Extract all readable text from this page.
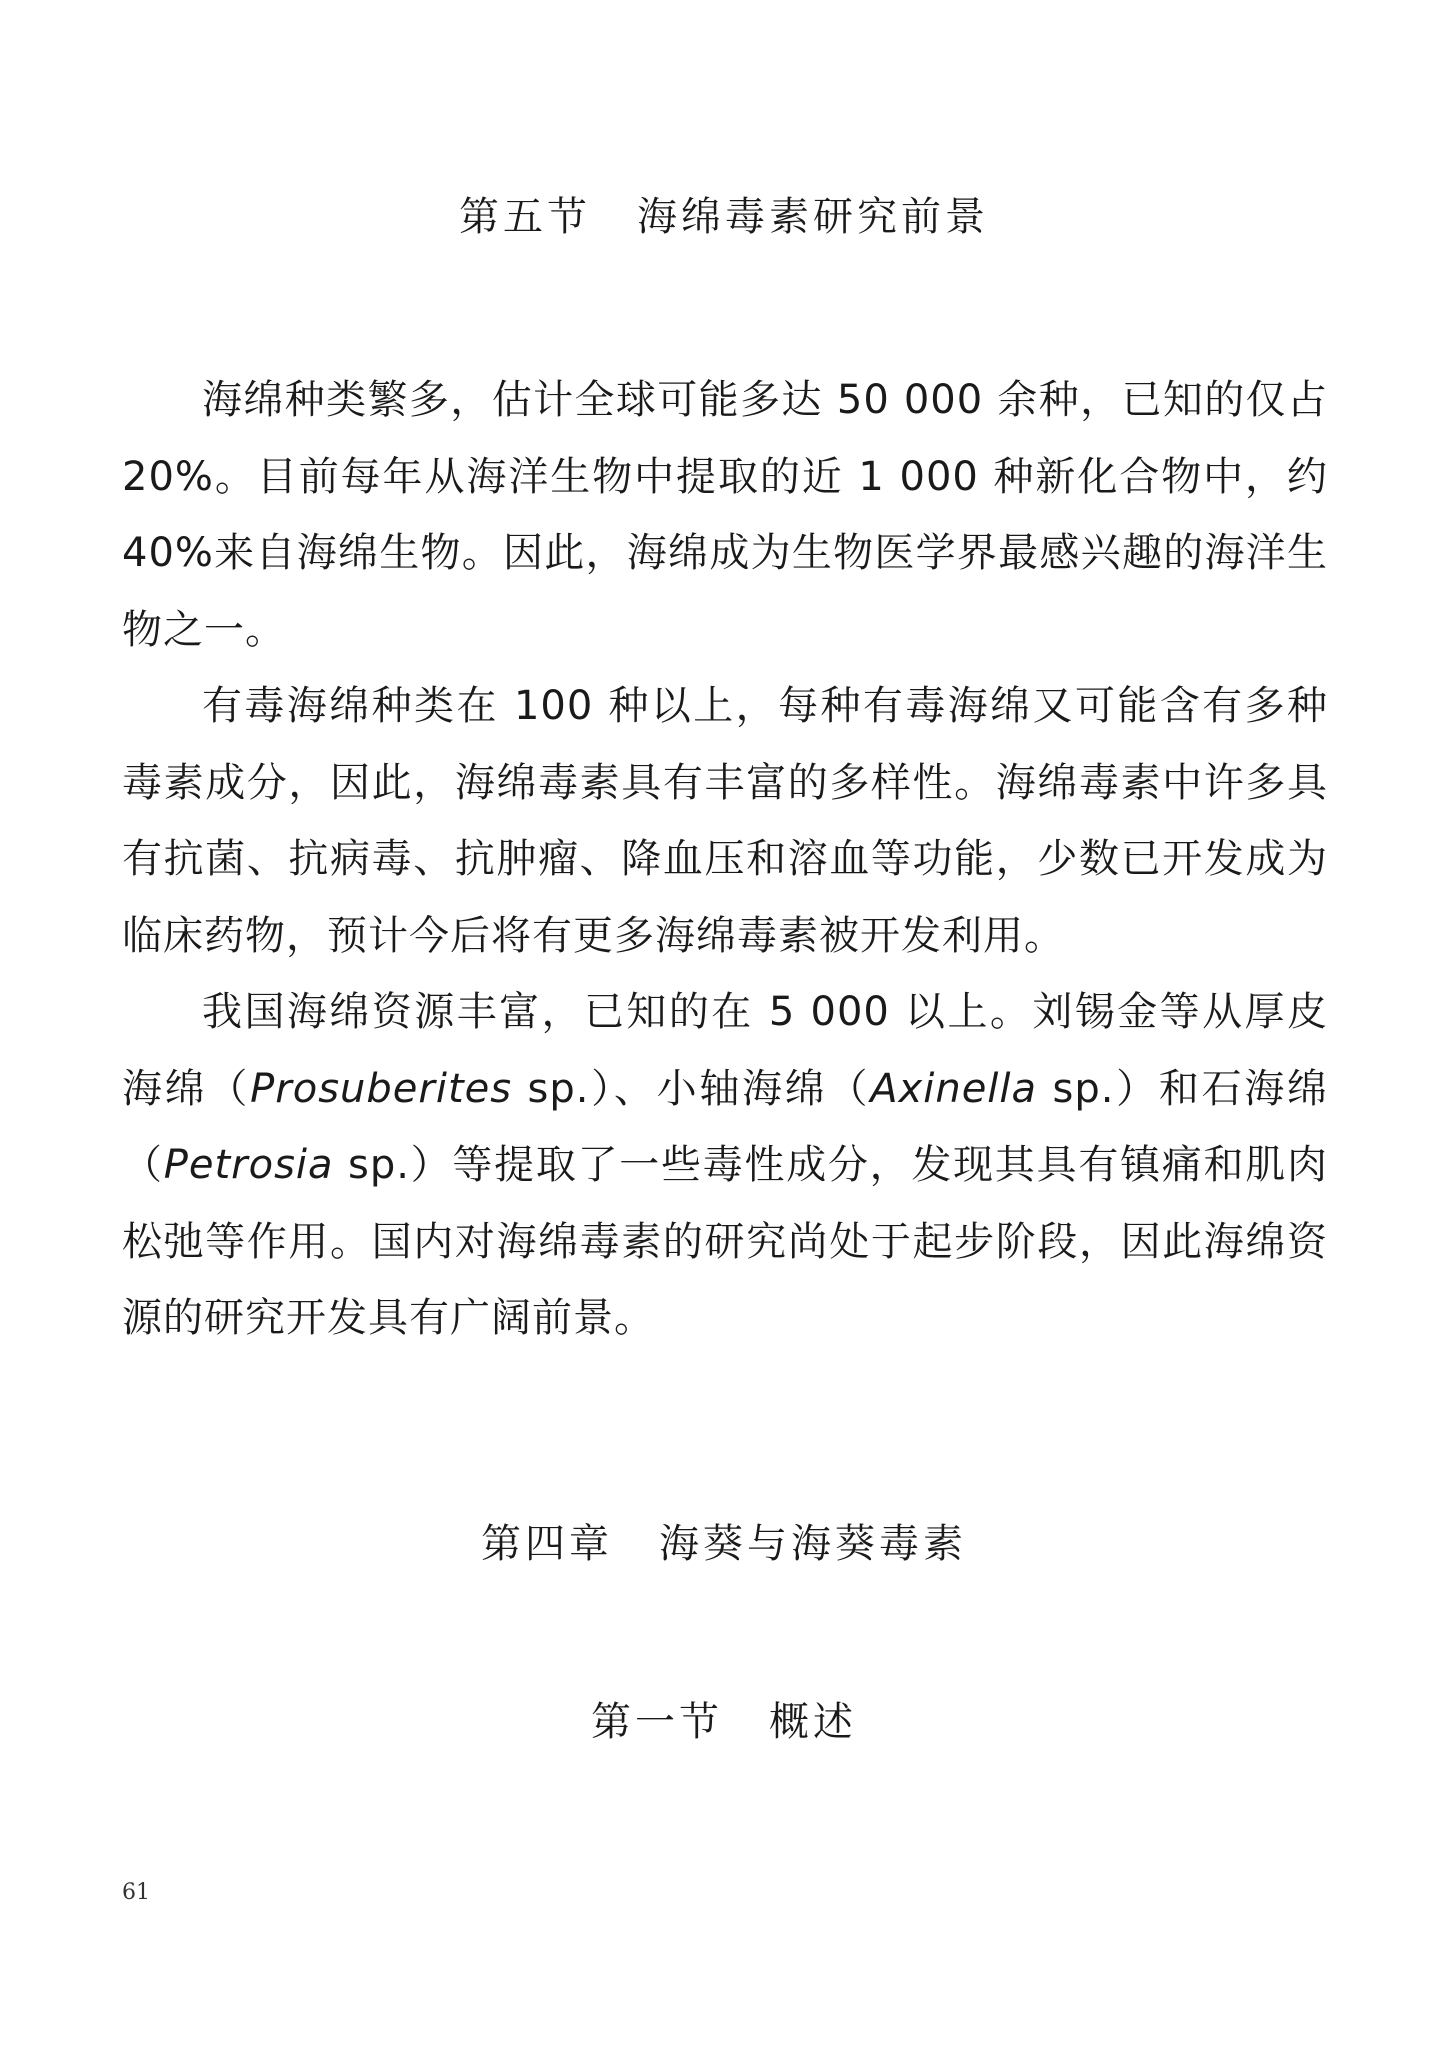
第五节 海绵毒素研究前景

海绵种类繁多，估计全球可能多达 50 000 余种，已知的仅占 20%。目前每年从海洋生物中提取的近 1 000 种新化合物中，约 40%来自海绵生物。因此，海绵成为生物医学界最感兴趣的海洋生物之一。

有毒海绵种类在 100 种以上，每种有毒海绵又可能含有多种毒素成分，因此，海绵毒素具有丰富的多样性。海绵毒素中许多具有抗菌、抗病毒、抗肿瘤、降血压和溶血等功能，少数已开发成为临床药物，预计今后将有更多海绵毒素被开发利用。

我国海绵资源丰富，已知的在 5 000 以上。刘锡金等从厚皮海绵（Prosuberites sp.）、小轴海绵（Axinella sp.）和石海绵（Petrosia sp.）等提取了一些毒性成分，发现其具有镇痛和肌肉松弛等作用。国内对海绵毒素的研究尚处于起步阶段，因此海绵资源的研究开发具有广阔前景。

第四章 海葵与海葵毒素
第一节 概述
61
